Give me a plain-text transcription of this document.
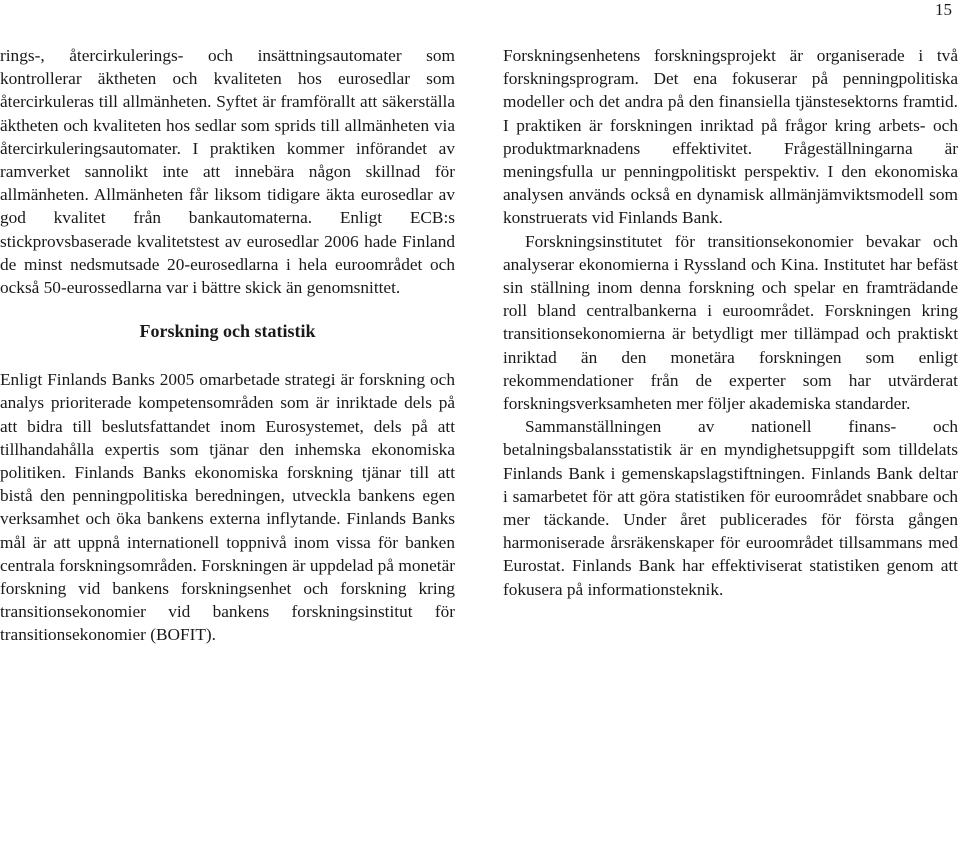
15

rings-, återcirkulerings- och insättningsautomater som kontrollerar äktheten och kvaliteten hos eurosedlar som återcirkuleras till allmänheten. Syftet är framförallt att säkerställa äktheten och kvaliteten hos sedlar som sprids till allmänheten via återcirkuleringsautomater. I praktiken kommer införandet av ramverket sannolikt inte att innebära någon skillnad för allmänheten. Allmänheten får liksom tidigare äkta eurosedlar av god kvalitet från bankautomaterna. Enligt ECB:s stickprovsbaserade kvalitetstest av eurosedlar 2006 hade Finland de minst nedsmutsade 20-eurosedlarna i hela euroområdet och också 50-eurossedlarna var i bättre skick än genomsnittet.

Forskning och statistik

Enligt Finlands Banks 2005 omarbetade strategi är forskning och analys prioriterade kompetensområden som är inriktade dels på att bidra till beslutsfattandet inom Eurosystemet, dels på att tillhandahålla expertis som tjänar den inhemska ekonomiska politiken. Finlands Banks ekonomiska forskning tjänar till att bistå den penningpolitiska beredningen, utveckla bankens egen verksamhet och öka bankens externa inflytande. Finlands Banks mål är att uppnå internationell toppnivå inom vissa för banken centrala forskningsområden. Forskningen är uppdelad på monetär forskning vid bankens forskningsenhet och forskning kring transitionsekonomier vid bankens forskningsinstitut för transitionsekonomier (BOFIT).

Forskningsenhetens forskningsprojekt är organiserade i två forskningsprogram. Det ena fokuserar på penningpolitiska modeller och det andra på den finansiella tjänstesektorns framtid. I praktiken är forskningen inriktad på frågor kring arbets- och produktmarknadens effektivitet. Frågeställningarna är meningsfulla ur penningpolitiskt perspektiv. I den ekonomiska analysen används också en dynamisk allmänjämviktsmodell som konstruerats vid Finlands Bank.

Forskningsinstitutet för transitionsekonomier bevakar och analyserar ekonomierna i Ryssland och Kina. Institutet har befäst sin ställning inom denna forskning och spelar en framträdande roll bland centralbankerna i euroområdet. Forskningen kring transitionsekonomierna är betydligt mer tillämpad och praktiskt inriktad än den monetära forskningen som enligt rekommendationer från de experter som har utvärderat forskningsverksamheten mer följer akademiska standarder.

Sammanställningen av nationell finans- och betalningsbalansstatistik är en myndighetsuppgift som tilldelats Finlands Bank i gemenskapslagstiftningen. Finlands Bank deltar i samarbetet för att göra statistiken för euroområdet snabbare och mer täckande. Under året publicerades för första gången harmoniserade årsräkenskaper för euroområdet tillsammans med Eurostat. Finlands Bank har effektiviserat statistiken genom att fokusera på informationsteknik.
